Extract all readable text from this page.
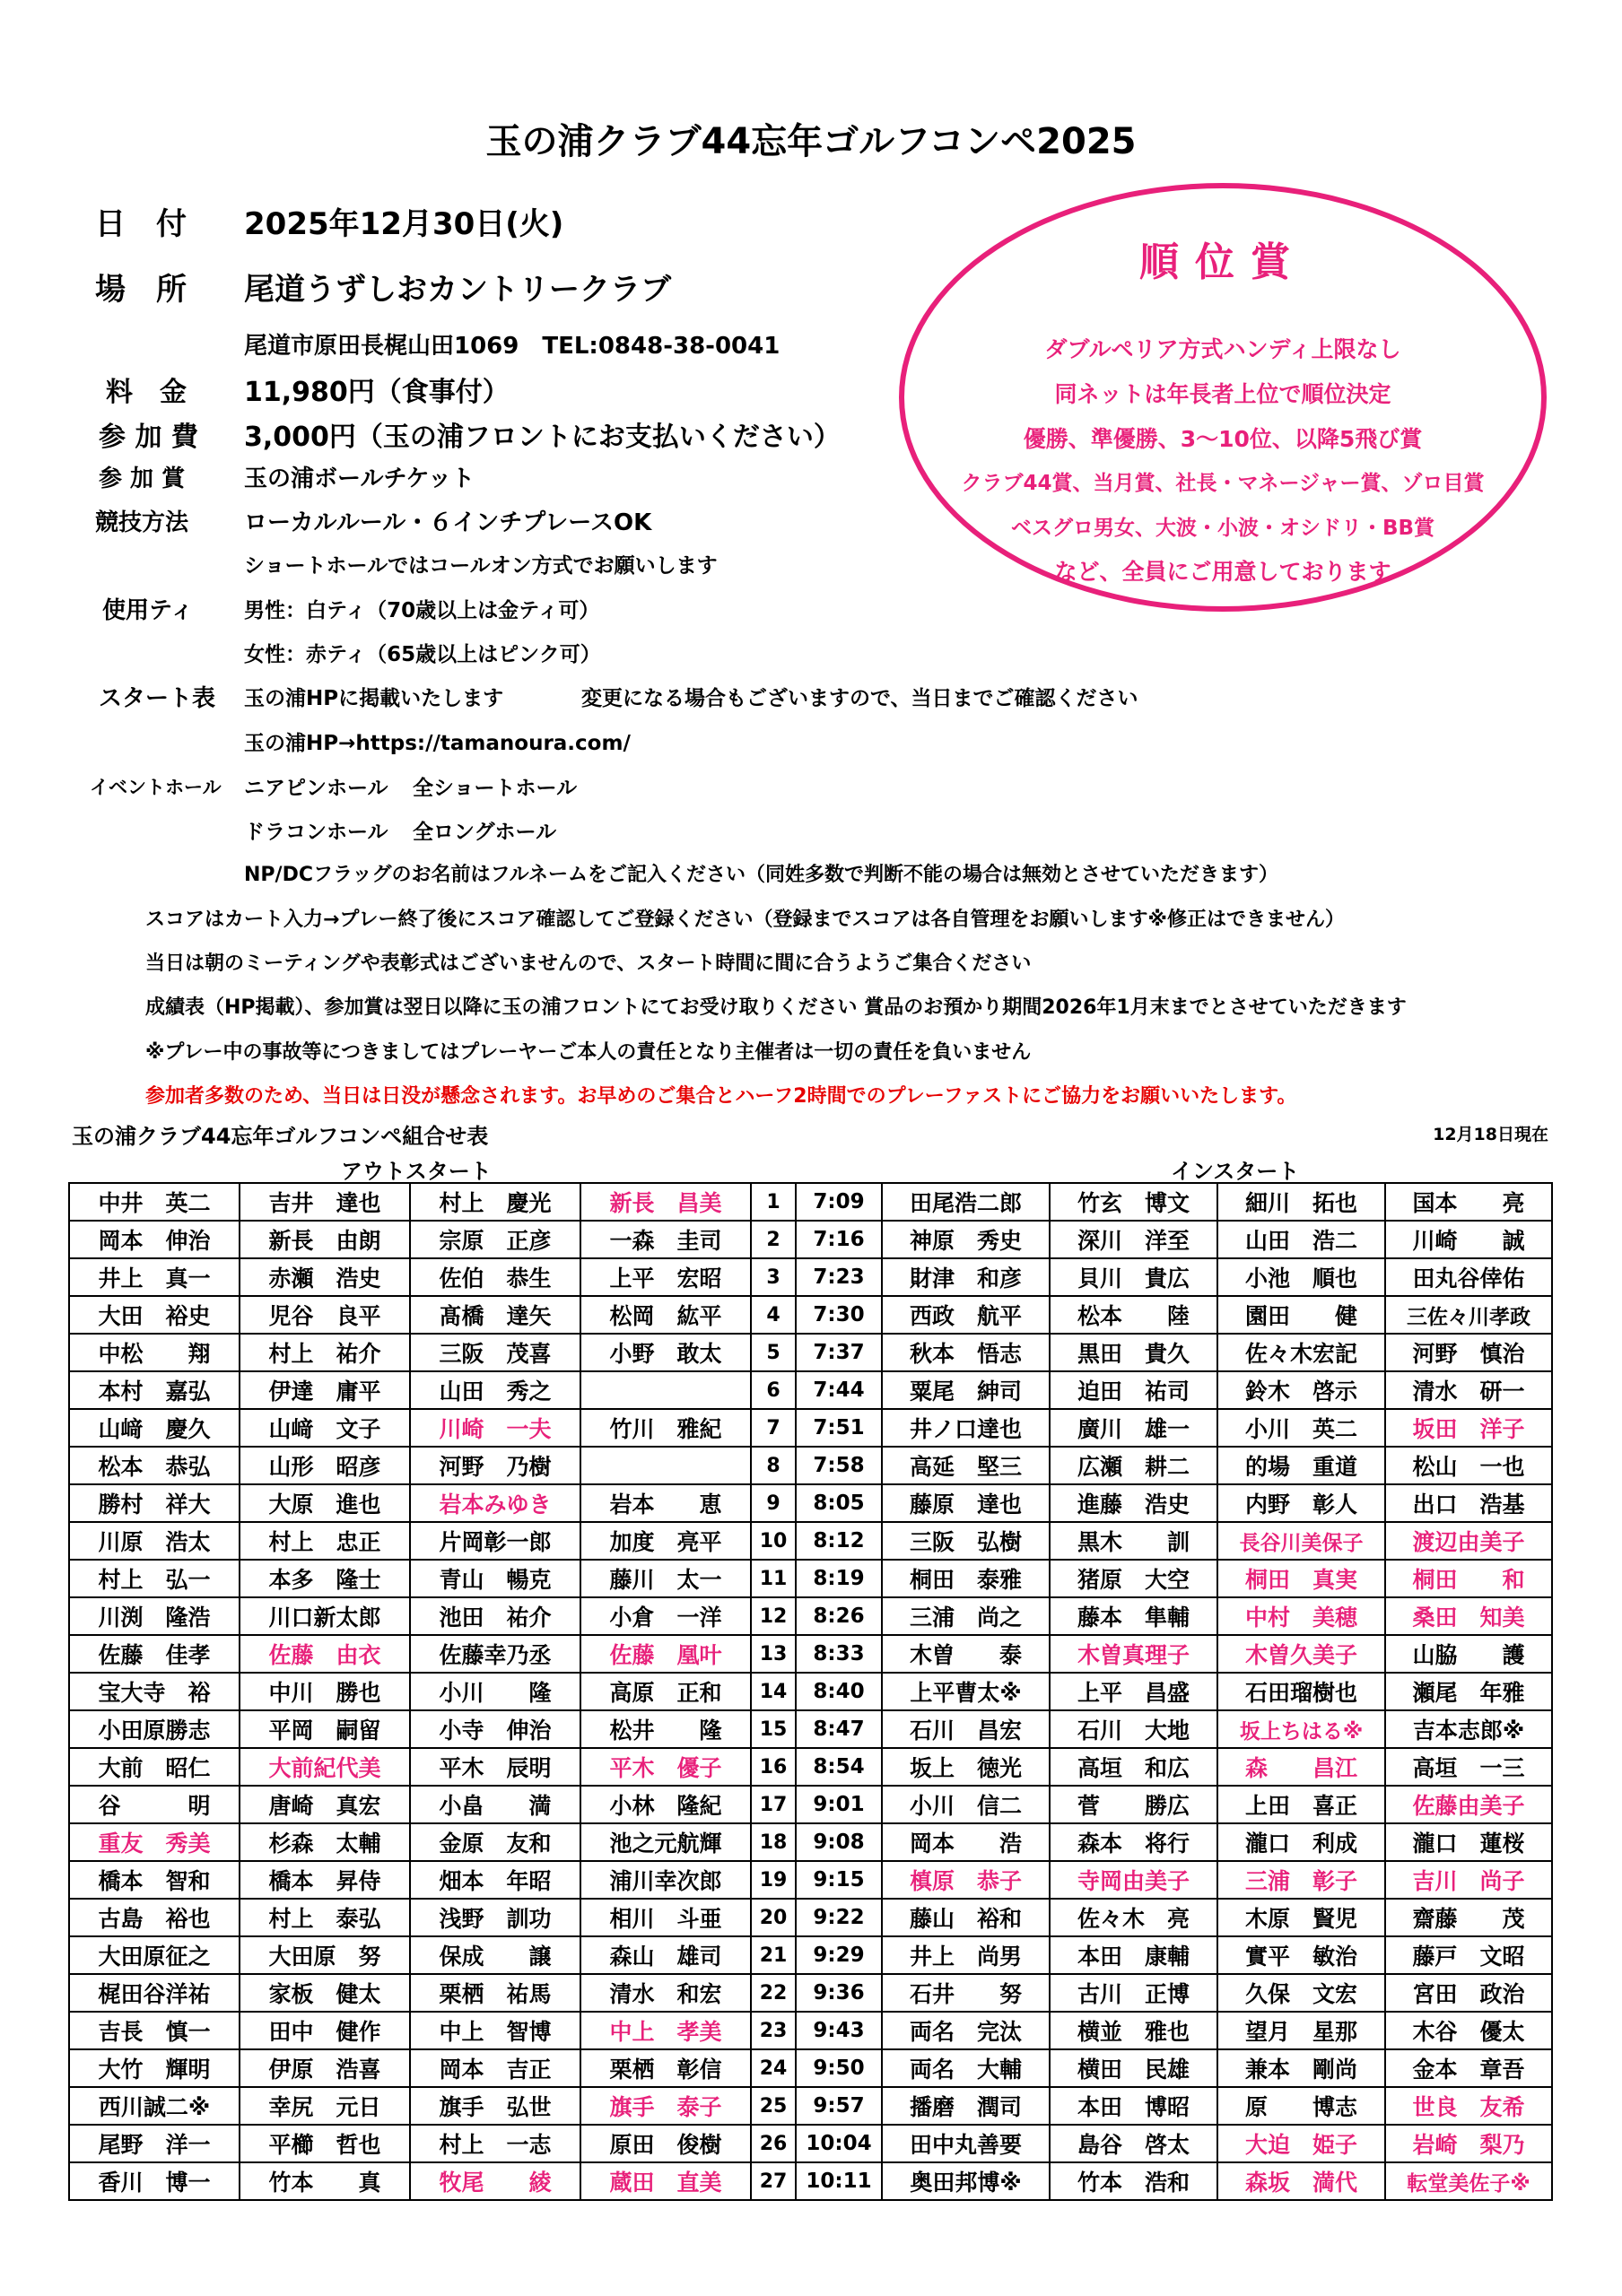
玉の浦クラブ44忘年ゴルフコンペ2025
日　付 2025年12月30日(火)
場　所 尾道うずしおカントリークラブ
尾道市原田長梶山田1069　TEL:0848-38-0041
料　金 11,980円（食事付）
参 加 費 3,000円（玉の浦フロントにお支払いください）
参 加 賞	玉の浦ボールチケット
競技方法 ローカルルール・６インチプレースOK
ショートホールではコールオン方式でお願いします
使用ティ 男性：白ティ（70歳以上は金ティ可）
女性：赤ティ（65歳以上はピンク可）
スタート表 玉の浦HPに掲載いたします	変更になる場合もございますので、当日までご確認ください
玉の浦HP→https://tamanoura.com/
イベントホール ニアピンホール 全ショートホール
ドラコンホール 全ロングホール
NP/DCフラッグのお名前はフルネームをご記入ください（同姓多数で判断不能の場合は無効とさせていただきます）
スコアはカート入力→プレー終了後にスコア確認してご登録ください（登録までスコアは各自管理をお願いします※修正はできません）
当日は朝のミーティングや表彰式はございませんので、スタート時間に間に合うようご集合ください
成績表（HP掲載）、参加賞は翌日以降に玉の浦フロントにてお受け取りください 賞品のお預かり期間2026年1月末までとさせていただきます
※プレー中の事故等につきましてはプレーヤーご本人の責任となり主催者は一切の責任を負いません
参加者多数のため、当日は日没が懸念されます。お早めのご集合とハーフ2時間でのプレーファストにご協力をお願いいたします。
順位賞
ダブルペリア方式ハンディ上限なし
同ネットは年長者上位で順位決定
優勝、準優勝、3～10位、以降5飛び賞
クラブ44賞、当月賞、社長・マネージャー賞、ゾロ目賞
ベスグロ男女、大波・小波・オシドリ・BB賞
など、全員にご用意しております
玉の浦クラブ44忘年ゴルフコンペ組合せ表	12月18日現在
アウトスタート	インスタート
中井　英二	吉井　達也	村上　慶光	新長　昌美	1	7:09	田尾浩二郎	竹玄　博文	細川　拓也	国本　　亮
岡本　伸治	新長　由朗	宗原　正彦	一森　圭司	2	7:16	神原　秀史	深川　洋至	山田　浩二	川崎　　誠
井上　真一	赤瀬　浩史	佐伯　恭生	上平　宏昭	3	7:23	財津　和彦	貝川　貴広	小池　順也	田丸谷倖佑
大田　裕史	児谷　良平	髙橋　達矢	松岡　紘平	4	7:30	西政　航平	松本　　陸	園田　　健	三佐々川孝政
中松　　翔	村上　祐介	三阪　茂喜	小野　敢太	5	7:37	秋本　悟志	黒田　貴久	佐々木宏記	河野　慎治
本村　嘉弘	伊達　庸平	山田　秀之		6	7:44	粟尾　紳司	迫田　祐司	鈴木　啓示	清水　研一
山﨑　慶久	山﨑　文子	川崎　一夫	竹川　雅紀	7	7:51	井ノ口達也	廣川　雄一	小川　英二	坂田　洋子
松本　恭弘	山形　昭彦	河野　乃樹		8	7:58	高延　堅三	広瀬　耕二	的場　重道	松山　一也
勝村　祥大	大原　進也	岩本みゆき	岩本　　恵	9	8:05	藤原　達也	進藤　浩史	内野　彰人	出口　浩基
川原　浩太	村上　忠正	片岡彰一郎	加度　亮平	10	8:12	三阪　弘樹	黒木　　訓	長谷川美保子	渡辺由美子
村上　弘一	本多　隆士	青山　暢克	藤川　太一	11	8:19	桐田　泰雅	猪原　大空	桐田　真実	桐田　　和
川渕　隆浩	川口新太郎	池田　祐介	小倉　一洋	12	8:26	三浦　尚之	藤本　隼輔	中村　美穂	桑田　知美
佐藤　佳孝	佐藤　由衣	佐藤幸乃丞	佐藤　凰叶	13	8:33	木曽　　泰	木曽真理子	木曽久美子	山脇　　護
宝大寺　裕	中川　勝也	小川　　隆	高原　正和	14	8:40	上平曹太※	上平　昌盛	石田瑠樹也	瀬尾　年雅
小田原勝志	平岡　嗣留	小寺　伸治	松井　　隆	15	8:47	石川　昌宏	石川　大地	坂上ちはる※	吉本志郎※
大前　昭仁	大前紀代美	平木　辰明	平木　優子	16	8:54	坂上　徳光	高垣　和広	森　　昌江	高垣　一三
谷　　　明	唐崎　真宏	小畠　　満	小林　隆紀	17	9:01	小川　信二	菅　　勝広	上田　喜正	佐藤由美子
重友　秀美	杉森　太輔	金原　友和	池之元航輝	18	9:08	岡本　　浩	森本　将行	瀧口　利成	瀧口　蓮桜
橋本　智和	橋本　昇侍	畑本　年昭	浦川幸次郎	19	9:15	槙原　恭子	寺岡由美子	三浦　彰子	吉川　尚子
古島　裕也	村上　泰弘	浅野　訓功	相川　斗亜	20	9:22	藤山　裕和	佐々木　亮	木原　賢児	齋藤　　茂
大田原征之	大田原　努	保成　　譲	森山　雄司	21	9:29	井上　尚男	本田　康輔	實平　敏治	藤戸　文昭
梶田谷洋祐	家板　健太	栗栖　祐馬	清水　和宏	22	9:36	石井　　努	古川　正博	久保　文宏	宮田　政治
吉長　慎一	田中　健作	中上　智博	中上　孝美	23	9:43	両名　完汰	横並　雅也	望月　星那	木谷　優太
大竹　輝明	伊原　浩喜	岡本　吉正	栗栖　彰信	24	9:50	両名　大輔	横田　民雄	兼本　剛尚	金本　章吾
西川誠二※	幸尻　元日	旗手　弘世	旗手　泰子	25	9:57	播磨　潤司	本田　博昭	原　　博志	世良　友希
尾野　洋一	平櫛　哲也	村上　一志	原田　俊樹	26	10:04	田中丸善要	島谷　啓太	大迫　姫子	岩崎　梨乃
香川　博一	竹本　　真	牧尾　　綾	蔵田　直美	27	10:11	奥田邦博※	竹本　浩和	森坂　満代	転堂美佐子※
